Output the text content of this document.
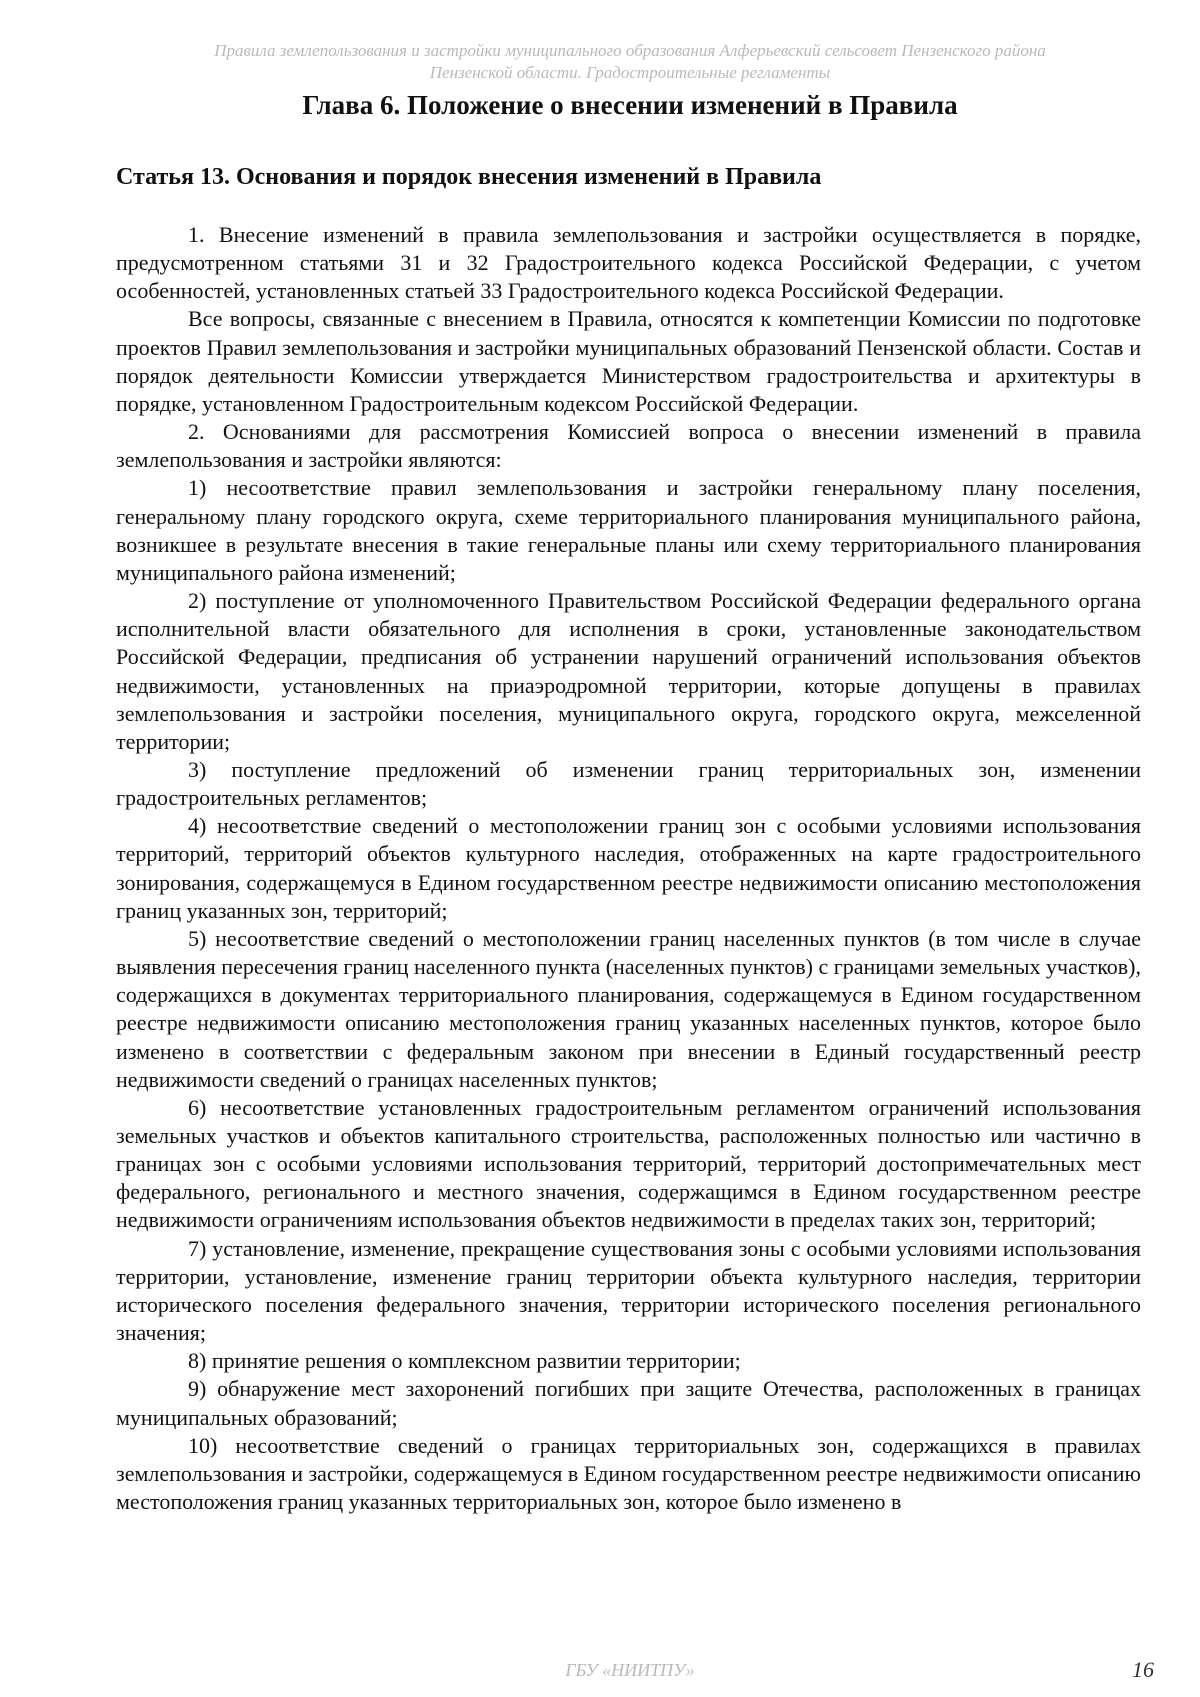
Правила землепользования и застройки муниципального образования Алферьевский сельсовет Пензенского района
Пензенской области. Градостроительные регламенты
Глава 6. Положение о внесении изменений в Правила
Статья 13. Основания и порядок внесения изменений в Правила

1. Внесение изменений в правила землепользования и застройки осуществляется в порядке, предусмотренном статьями 31 и 32 Градостроительного кодекса Российской Федерации, с учетом особенностей, установленных статьей 33 Градостроительного кодекса Российской Федерации.

Все вопросы, связанные с внесением в Правила, относятся к компетенции Комиссии по подготовке проектов Правил землепользования и застройки муниципальных образований Пензенской области. Состав и порядок деятельности Комиссии утверждается Министерством градостроительства и архитектуры в порядке, установленном Градостроительным кодексом Российской Федерации.

2. Основаниями для рассмотрения Комиссией вопроса о внесении изменений в правила землепользования и застройки являются:

1) несоответствие правил землепользования и застройки генеральному плану поселения, генеральному плану городского округа, схеме территориального планирования муниципального района, возникшее в результате внесения в такие генеральные планы или схему территориального планирования муниципального района изменений;

2) поступление от уполномоченного Правительством Российской Федерации федерального органа исполнительной власти обязательного для исполнения в сроки, установленные законодательством Российской Федерации, предписания об устранении нарушений ограничений использования объектов недвижимости, установленных на приаэродромной территории, которые допущены в правилах землепользования и застройки поселения, муниципального округа, городского округа, межселенной территории;

3) поступление предложений об изменении границ территориальных зон, изменении градостроительных регламентов;

4) несоответствие сведений о местоположении границ зон с особыми условиями использования территорий, территорий объектов культурного наследия, отображенных на карте градостроительного зонирования, содержащемуся в Едином государственном реестре недвижимости описанию местоположения границ указанных зон, территорий;

5) несоответствие сведений о местоположении границ населенных пунктов (в том числе в случае выявления пересечения границ населенного пункта (населенных пунктов) с границами земельных участков), содержащихся в документах территориального планирования, содержащемуся в Едином государственном реестре недвижимости описанию местоположения границ указанных населенных пунктов, которое было изменено в соответствии с федеральным законом при внесении в Единый государственный реестр недвижимости сведений о границах населенных пунктов;

6) несоответствие установленных градостроительным регламентом ограничений использования земельных участков и объектов капитального строительства, расположенных полностью или частично в границах зон с особыми условиями использования территорий, территорий достопримечательных мест федерального, регионального и местного значения, содержащимся в Едином государственном реестре недвижимости ограничениям использования объектов недвижимости в пределах таких зон, территорий;

7) установление, изменение, прекращение существования зоны с особыми условиями использования территории, установление, изменение границ территории объекта культурного наследия, территории исторического поселения федерального значения, территории исторического поселения регионального значения;

8) принятие решения о комплексном развитии территории;

9) обнаружение мест захоронений погибших при защите Отечества, расположенных в границах муниципальных образований;

10) несоответствие сведений о границах территориальных зон, содержащихся в правилах землепользования и застройки, содержащемуся в Едином государственном реестре недвижимости описанию местоположения границ указанных территориальных зон, которое было изменено в

ГБУ «НИИТПУ»	16
